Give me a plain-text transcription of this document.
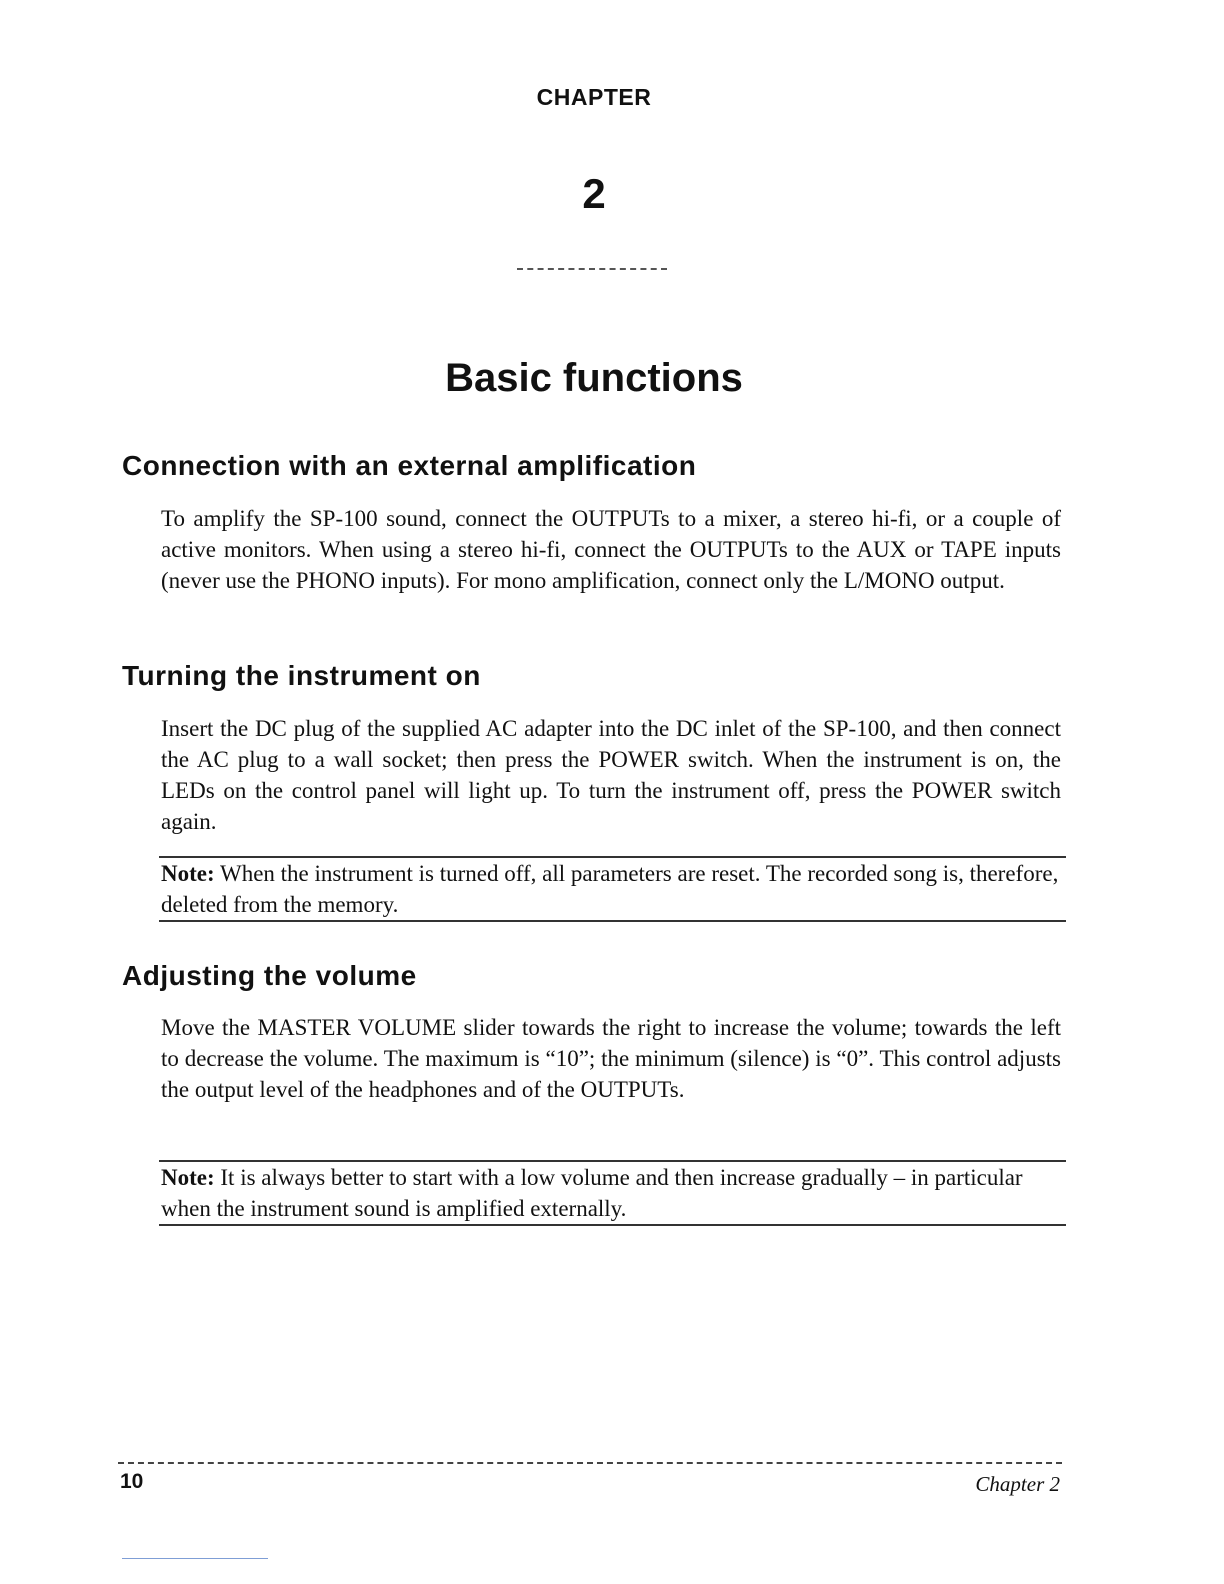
CHAPTER
2
Basic functions
Connection with an external amplification

To amplify the SP-100 sound, connect the OUTPUTs to a mixer, a stereo hi-fi, or a couple of active monitors. When using a stereo hi-fi, connect the OUTPUTs to the AUX or TAPE inputs (never use the PHONO inputs). For mono amplification, connect only the L/MONO output.

Turning the instrument on

Insert the DC plug of the supplied AC adapter into the DC inlet of the SP-100, and then connect the AC plug to a wall socket; then press the POWER switch. When the instrument is on, the LEDs on the control panel will light up. To turn the instrument off, press the POWER switch again.

Note: When the instrument is turned off, all parameters are reset. The recorded song is, therefore, deleted from the memory.
Adjusting the volume

Move the MASTER VOLUME slider towards the right to increase the volume; towards the left to decrease the volume. The maximum is “10”; the minimum (silence) is “0”. This control adjusts the output level of the headphones and of the OUTPUTs.

Note: It is always better to start with a low volume and then increase gradually – in particular when the instrument sound is amplified externally.
10	Chapter 2
